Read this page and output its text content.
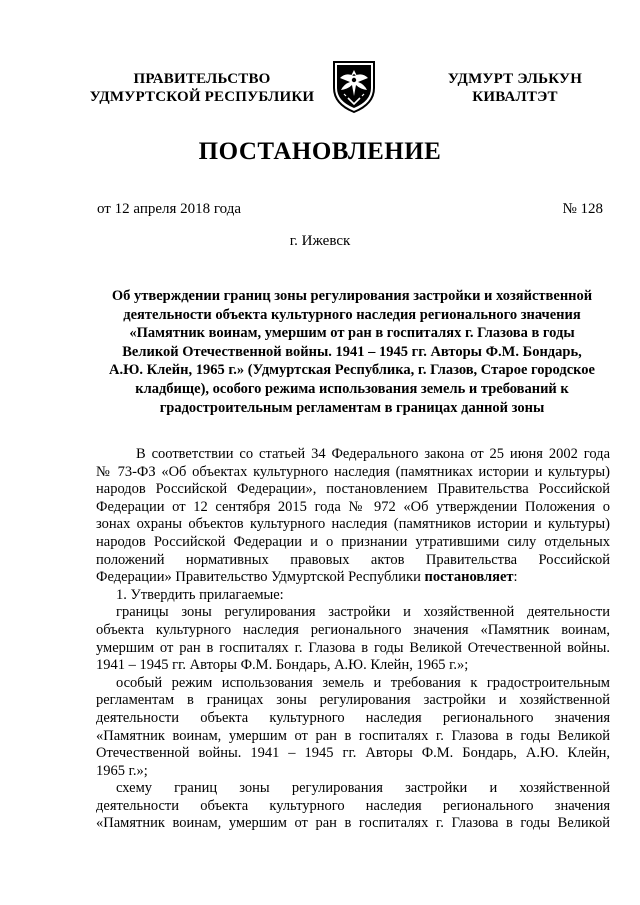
ПРАВИТЕЛЬСТВО
УДМУРТСКОЙ РЕСПУБЛИКИ
УДМУРТ ЭЛЬКУН
КИВАЛТЭТ
ПОСТАНОВЛЕНИЕ
от 12 апреля 2018 года	№ 128
г. Ижевск
Об утверждении границ зоны регулирования застройки и хозяйственной
деятельности объекта культурного наследия регионального значения
«Памятник воинам, умершим от ран в госпиталях г. Глазова в годы
Великой Отечественной войны. 1941 – 1945 гг. Авторы Ф.М. Бондарь,
А.Ю. Клейн, 1965 г.» (Удмуртская Республика, г. Глазов, Старое городское
кладбище), особого режима использования земель и требований к
градостроительным регламентам в границах данной зоны
В соответствии со статьей 34 Федерального закона от 25 июня 2002 года
№ 73-ФЗ «Об объектах культурного наследия (памятниках истории и культуры)
народов Российской Федерации», постановлением Правительства Российской
Федерации от 12 сентября 2015 года № 972 «Об утверждении Положения о
зонах охраны объектов культурного наследия (памятников истории и культуры)
народов Российской Федерации и о признании утратившими силу отдельных
положений нормативных правовых актов Правительства Российской
Федерации» Правительство Удмуртской Республики постановляет:
1. Утвердить прилагаемые:
границы зоны регулирования застройки и хозяйственной деятельности
объекта культурного наследия регионального значения «Памятник воинам,
умершим от ран в госпиталях г. Глазова в годы Великой Отечественной войны.
1941 – 1945 гг. Авторы Ф.М. Бондарь, А.Ю. Клейн, 1965 г.»;
особый режим использования земель и требования к градостроительным
регламентам в границах зоны регулирования застройки и хозяйственной
деятельности объекта культурного наследия регионального значения
«Памятник воинам, умершим от ран в госпиталях г. Глазова в годы Великой
Отечественной войны. 1941 – 1945 гг. Авторы Ф.М. Бондарь, А.Ю. Клейн,
1965 г.»;
схему границ зоны регулирования застройки и хозяйственной
деятельности объекта культурного наследия регионального значения
«Памятник воинам, умершим от ран в госпиталях г. Глазова в годы Великой
